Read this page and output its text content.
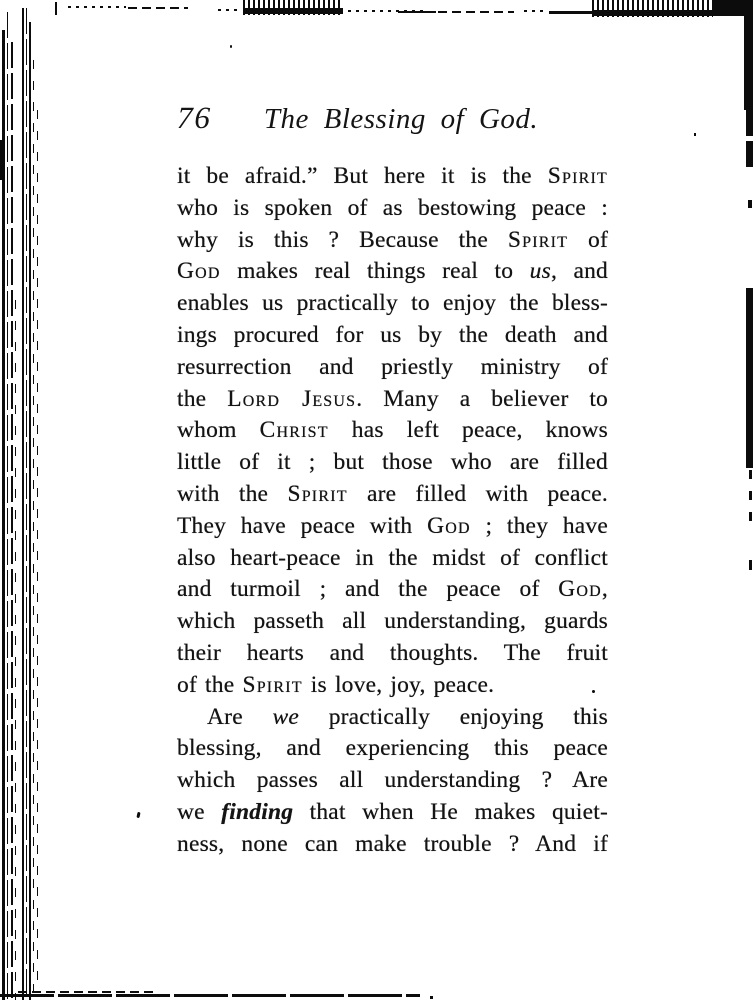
76	The Blessing of God.
it be afraid.” But here it is the Spirit
who is spoken of as bestowing peace :
why is this ? Because the Spirit of
God makes real things real to us, and
enables us practically to enjoy the bless-
ings procured for us by the death and
resurrection and priestly ministry of
the Lord Jesus. Many a believer to
whom Christ has left peace, knows
little of it ; but those who are filled
with the Spirit are filled with peace.
They have peace with God ; they have
also heart-peace in the midst of conflict
and turmoil ; and the peace of God,
which passeth all understanding, guards
their hearts and thoughts. The fruit
of the Spirit is love, joy, peace.
Are we practically enjoying this
blessing, and experiencing this peace
which passes all understanding ? Are
we finding that when He makes quiet-
ness, none can make trouble ? And if
